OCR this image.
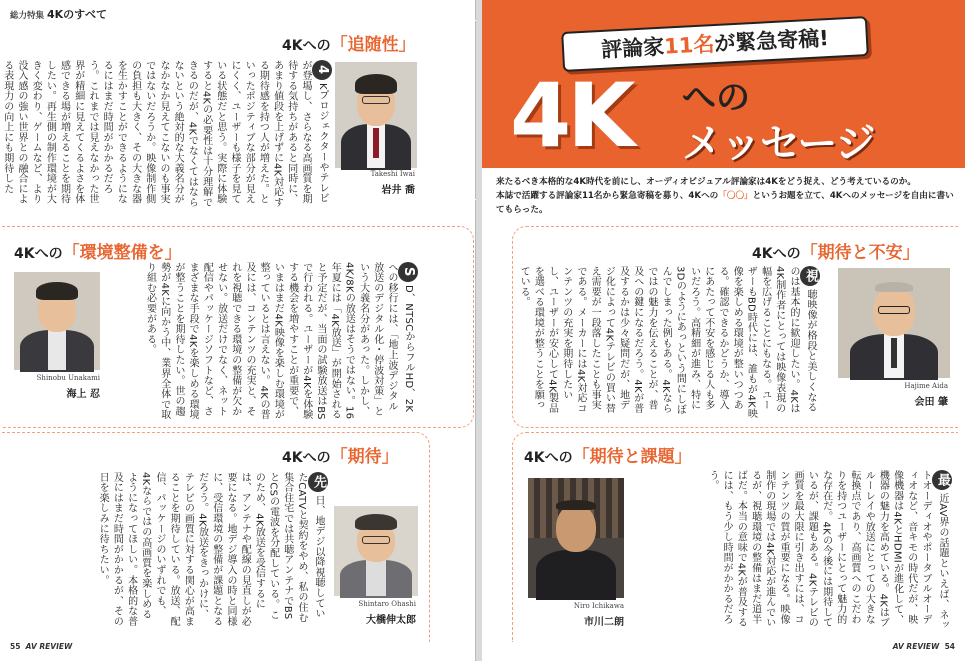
総力特集 4Kのすべて
4Kへの「追随性」
4Kプロジェクターやテレビが登場し、さらなる高画質を期待する気持ちがあると同時に、あまり値段を上げずに4K対応する期待感を持つ人が増えた。といったポジティブな部分が見えにくく、ユーザーも様子を見ている状態だと思う。実際に体験すると4Kの必要性は十分理解できるのだが、4Kでなくてはならないという絶対的な大義名分がなかなか見えてこないのも事実ではないだろうか。映像制作側の負担も大きく、その大きな器を生かすことができるようになるにはまだ時間がかかるだろう。これまでは見えなかった世界が精細に見えてくるよさを体感できる場が増えることを期待したい。再生側の制作環境が大きく変わり、ゲームなど、より没入感の強い世界との融合による表現力の向上にも期待した
Takeshi Iwai
岩井 喬
4Kへの「環境整備を」
Shinobu Unakami
海上 忍
SD、NTSCからフルHD、2Kへの移行には、「地上波デジタル放送のデジタル化・停波対策」という大義名分があった。しかし、4K/8Kの放送はそうではない。16年夏には「4K放送」が開始されると予定だが、当面の試験放送はBSで行われる。ユーザーが4Kを体験する機会を増やすことが重要で、いまはまだ4K映像を楽しむ環境が整っているとは言えない。4Kの普及には、コンテンツの充実と、それを視聴できる環境の整備が欠かせない。放送だけでなく、ネット配信やパッケージソフトなど、さまざまな手段で4Kを楽しめる環境が整うことを期待したい。世の趨勢が4Kに向かう中、業界全体で取り組む必要がある。
4Kへの「期待」
先日、地デジ以降視聴していたCATVと契約をやめ、私の住む集合住宅では共聴アンテナでBSとCSの電波を分配している。このため、4K放送を受信するには、アンテナや配線の見直しが必要になる。地デジ導入の時と同様に、受信環境の整備が課題となるだろう。4K放送をきっかけに、テレビの画質に対する関心が高まることを期待している。放送、配信、パッケージのいずれでも、4Kならではの高画質を楽しめるようになってほしい。本格的な普及にはまだ時間がかかるが、その日を楽しみに待ちたい。
Shintaro Ohashi
大橋伸太郎
55 AV REVIEW	AV REVIEW 54
評論家11名が緊急寄稿!
4K への
メッセージ
来たるべき本格的な4K時代を前にし、オーディオビジュアル評論家は4Kをどう捉え、どう考えているのか。
本誌で活躍する評論家11名から緊急寄稿を募り、4Kへの「〇〇」というお題を立て、4Kへのメッセージを自由に書いてもらった。
4Kへの「期待と不安」
視聴映像が格段と美しくなるのは基本的に歓迎したい。4Kは4K制作者にとっては映像表現の幅を広げることにもなる。ユーザーもBD時代には、誰もが4K映像を楽しめる環境が整いつつある。確認できるかどうか、導入にあたって不安を感じる人も多いだろう。高精細が進み、特に3Dのようにあっという間にしぼんでしまった例もある。4Kならではの魅力を伝えることが、普及への鍵になるだろう。4Kが普及するかは少々疑問だが、地デジ化によって4Kテレビの買い替え需要が一段落したことも事実である。メーカーには4K対応コンテンツの充実を期待したいし、ユーザーが安心して4K製品を選べる環境が整うことを願っている。
Hajime Aida
会田 肇
4Kへの「期待と課題」
Niro Ichikawa
市川二朗
最近AV界の話題といえば、ネットオーディオやポータブルオーディオなど、音キモの時代だが、映像機器は4KとHDMIが進化して、機器の魅力を高めている。4Kはブルーレイや放送にとっての大きな転換点であり、高画質へのこだわりを持つユーザーにとって魅力的な存在だ。4Kの今後には期待しているが、課題もある。4Kテレビの画質を最大限に引き出すには、コンテンツの質が重要になる。映像制作の現場では4K対応が進んでいるが、視聴環境の整備はまだ道半ばだ。本当の意味で4Kが普及するには、もう少し時間がかかるだろう。
